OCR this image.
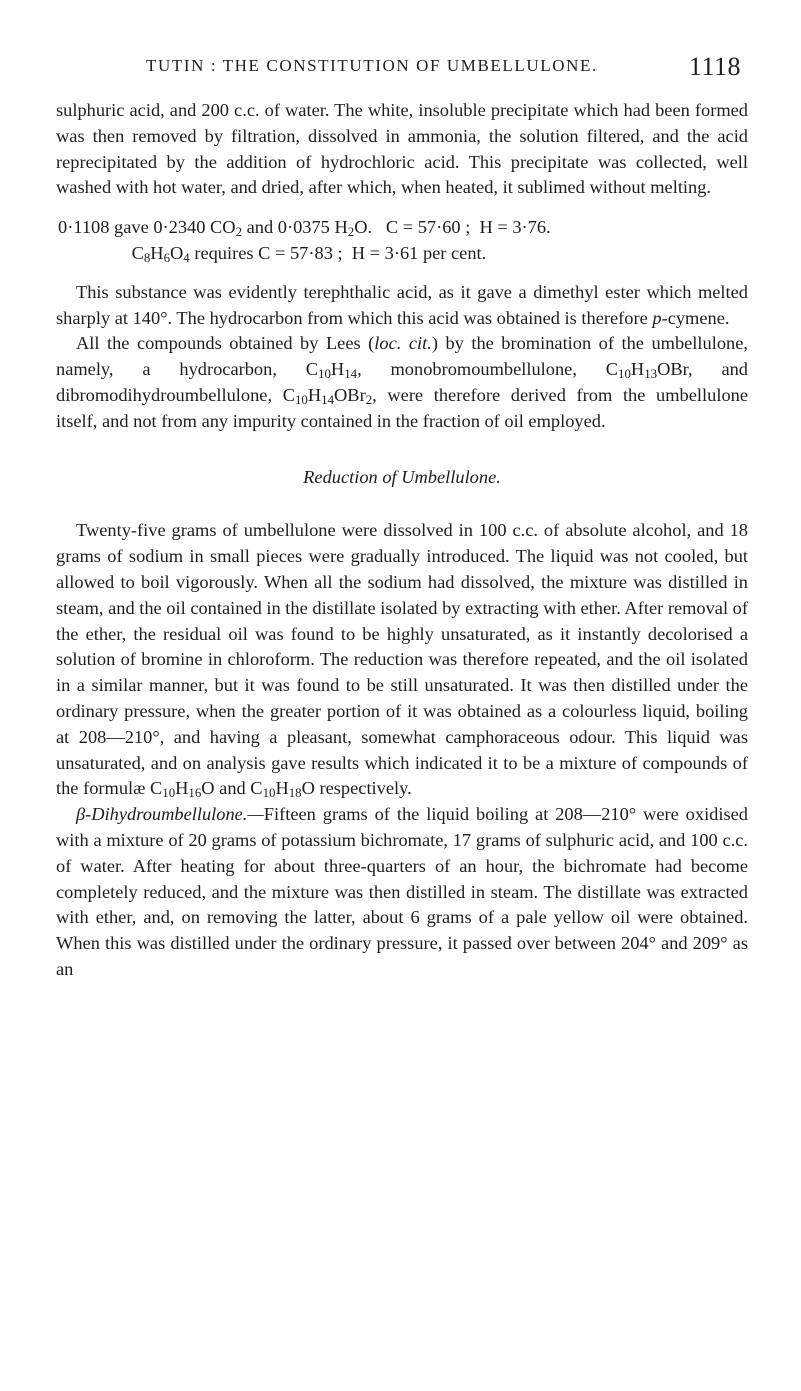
TUTIN : THE CONSTITUTION OF UMBELLULONE.	1118

sulphuric acid, and 200 c.c. of water. The white, insoluble precipitate which had been formed was then removed by filtration, dissolved in ammonia, the solution filtered, and the acid reprecipitated by the addition of hydrochloric acid. This precipitate was collected, well washed with hot water, and dried, after which, when heated, it sublimed without melting.

0·1108 gave 0·2340 $CO_2$ and 0·0375 $H_2O$.   C = 57·60 ;  H = 3·76.
$C_8H_6O_4$ requires C = 57·83 ;  H = 3·61 per cent.

This substance was evidently terephthalic acid, as it gave a dimethyl ester which melted sharply at 140°. The hydrocarbon from which this acid was obtained is therefore p-cymene.

All the compounds obtained by Lees (loc. cit.) by the bromination of the umbellulone, namely, a hydrocarbon, $C_{10}H_{14}$, monobromoumbellulone, $C_{10}H_{13}OBr$, and dibromodihydroumbellulone, $C_{10}H_{14}OBr_2$, were therefore derived from the umbellulone itself, and not from any impurity contained in the fraction of oil employed.

Reduction of Umbellulone.

Twenty-five grams of umbellulone were dissolved in 100 c.c. of absolute alcohol, and 18 grams of sodium in small pieces were gradually introduced. The liquid was not cooled, but allowed to boil vigorously. When all the sodium had dissolved, the mixture was distilled in steam, and the oil contained in the distillate isolated by extracting with ether. After removal of the ether, the residual oil was found to be highly unsaturated, as it instantly decolorised a solution of bromine in chloroform. The reduction was therefore repeated, and the oil isolated in a similar manner, but it was found to be still unsaturated. It was then distilled under the ordinary pressure, when the greater portion of it was obtained as a colourless liquid, boiling at 208—210°, and having a pleasant, somewhat camphoraceous odour. This liquid was unsaturated, and on analysis gave results which indicated it to be a mixture of compounds of the formulæ $C_{10}H_{16}O$ and $C_{10}H_{18}O$ respectively.

β-Dihydroumbellulone.—Fifteen grams of the liquid boiling at 208—210° were oxidised with a mixture of 20 grams of potassium bichromate, 17 grams of sulphuric acid, and 100 c.c. of water. After heating for about three-quarters of an hour, the bichromate had become completely reduced, and the mixture was then distilled in steam. The distillate was extracted with ether, and, on removing the latter, about 6 grams of a pale yellow oil were obtained. When this was distilled under the ordinary pressure, it passed over between 204° and 209° as an
